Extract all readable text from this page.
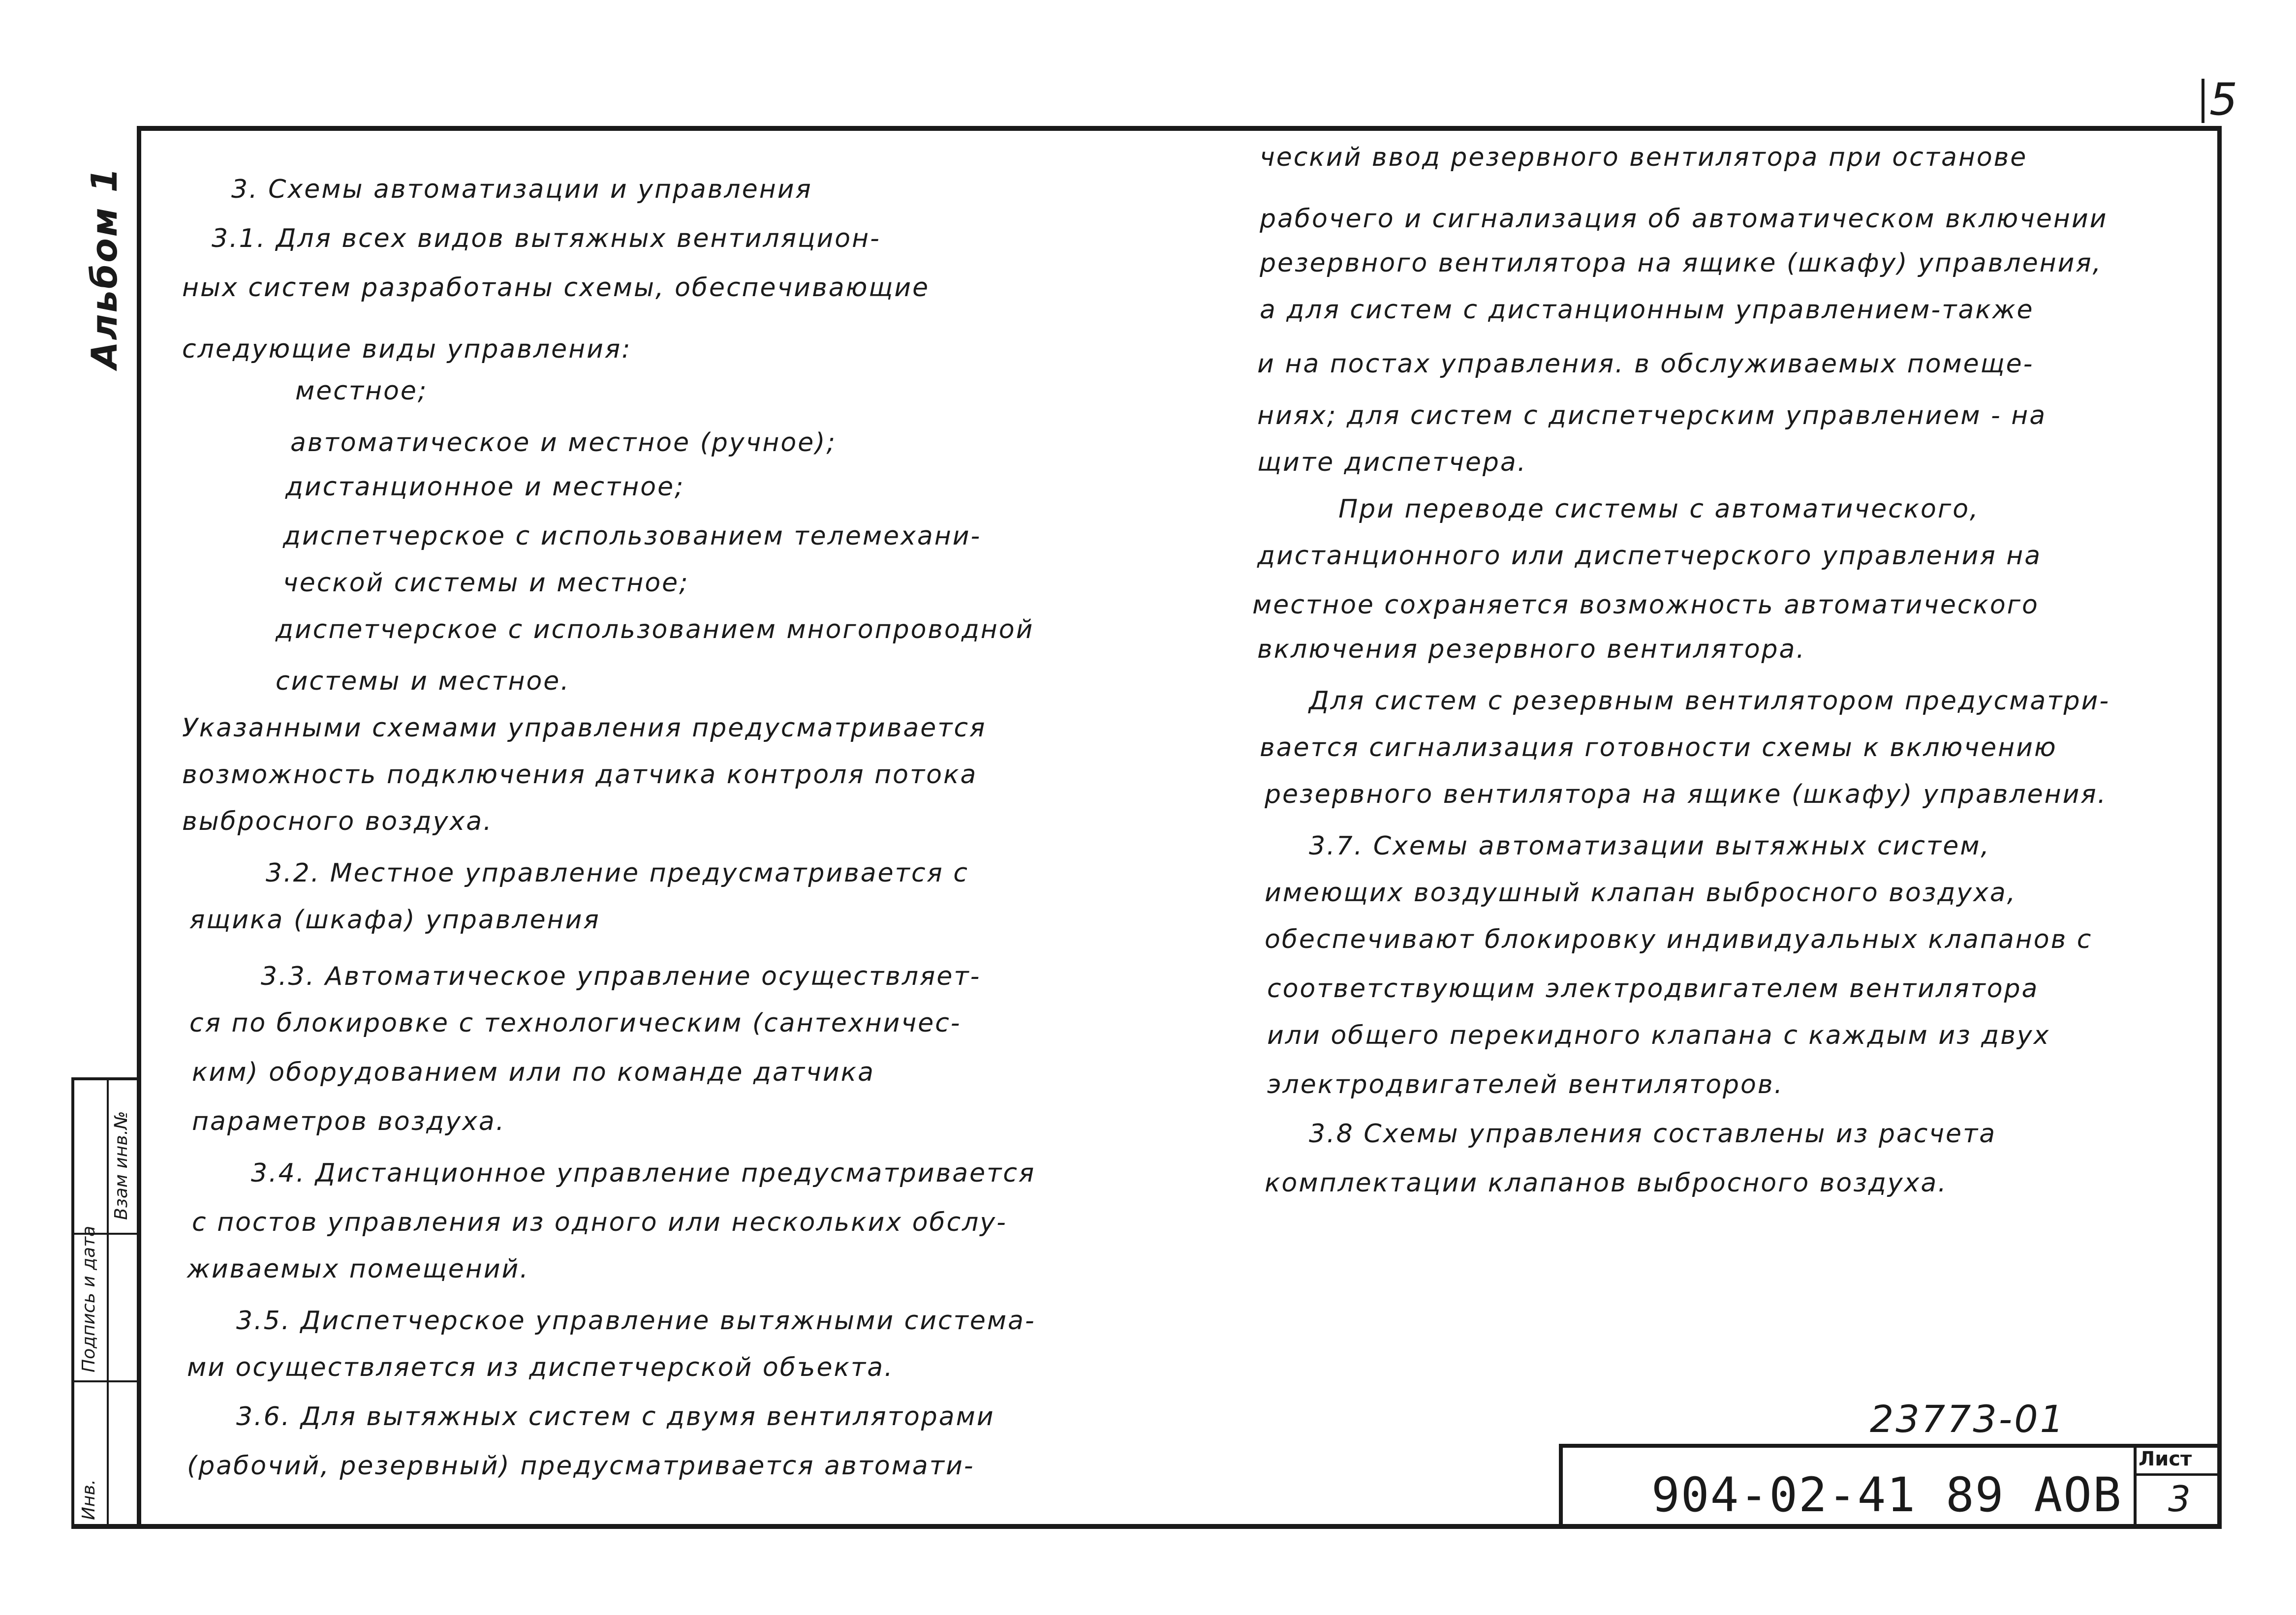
5
Альбом 1
Инв.
Подпись и дата
Взам инв.№
3. Схемы автоматизации и управления
3.1. Для всех видов вытяжных вентиляцион-
ных систем разработаны схемы, обеспечивающие
следующие виды управления:
местное;
автоматическое и местное (ручное);
дистанционное и местное;
диспетчерское с использованием телемехани-
ческой системы и местное;
диспетчерское с использованием многопроводной
системы и местное.
Указанными схемами управления предусматривается
возможность подключения датчика контроля потока
выбросного воздуха.
3.2. Местное управление предусматривается с
ящика (шкафа) управления
3.3. Автоматическое управление осуществляет-
ся по блокировке с технологическим (сантехничес-
ким) оборудованием или по команде датчика
параметров воздуха.
3.4. Дистанционное управление предусматривается
с постов управления из одного или нескольких обслу-
живаемых помещений.
3.5. Диспетчерское управление вытяжными система-
ми осуществляется из диспетчерской объекта.
3.6. Для вытяжных систем с двумя вентиляторами
(рабочий, резервный) предусматривается автомати-
ческий ввод резервного вентилятора при останове
рабочего и сигнализация об автоматическом включении
резервного вентилятора на ящике (шкафу) управления,
а для систем с дистанционным управлением-также
и на постах управления. в обслуживаемых помеще-
ниях; для систем с диспетчерским управлением - на
щите диспетчера.
При переводе системы с автоматического,
дистанционного или диспетчерского управления на
местное сохраняется возможность автоматического
включения резервного вентилятора.
Для систем с резервным вентилятором предусматри-
вается сигнализация готовности схемы к включению
резервного вентилятора на ящике (шкафу) управления.
3.7. Схемы автоматизации вытяжных систем,
имеющих воздушный клапан выбросного воздуха,
обеспечивают блокировку индивидуальных клапанов с
соответствующим электродвигателем вентилятора
или общего перекидного клапана с каждым из двух
электродвигателей вентиляторов.
3.8 Схемы управления составлены из расчета
комплектации клапанов выбросного воздуха.
23773-01
904-02-41 89 АОВ
Лист
3
